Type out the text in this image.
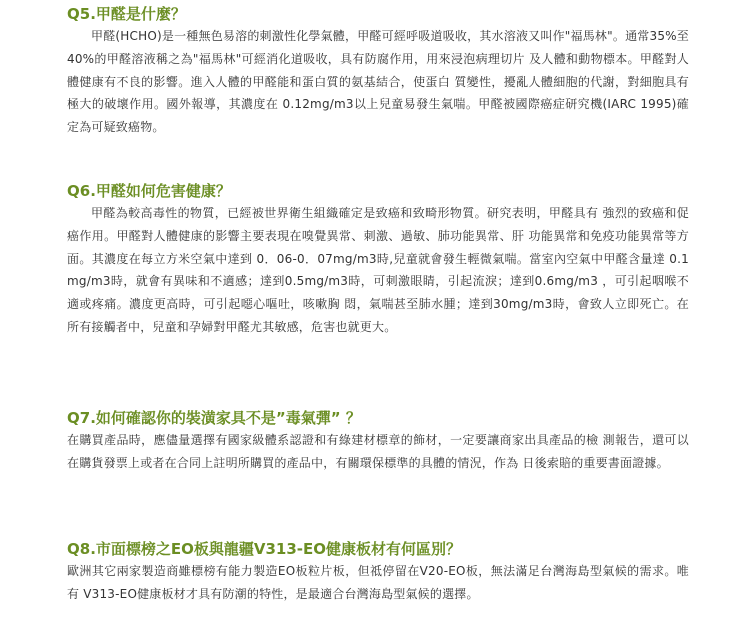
Q5.甲醛是什麼？

甲醛(HCHO)是一種無色易溶的刺激性化學氣體，甲醛可經呼吸道吸收，其水溶液又叫作"福馬林"。通常35%至40%的甲醛溶液稱之為"福馬林"可經消化道吸收，具有防腐作用，用來浸泡病理切片 及人體和動物標本。甲醛對人體健康有不良的影響。進入人體的甲醛能和蛋白質的氨基結合，使蛋白 質變性，擾亂人體細胞的代謝，對細胞具有極大的破壞作用。國外報導，其濃度在 0.12mg/m3以上兒童易發生氣喘。甲醛被國際癌症研究機(IARC 1995)確定為可疑致癌物。

Q6.甲醛如何危害健康？

甲醛為較高毒性的物質，已經被世界衛生組織確定是致癌和致畸形物質。研究表明，甲醛具有 強烈的致癌和促癌作用。甲醛對人體健康的影響主要表現在嗅覺異常、刺激、過敏、肺功能異常、肝 功能異常和免疫功能異常等方面。其濃度在每立方米空氣中達到 0．06-0．07mg/m3時,兒童就會發生輕微氣喘。當室內空氣中甲醛含量達 0.1mg/m3時，就會有異味和不適感；達到0.5mg/m3時，可刺激眼睛，引起流淚；達到0.6mg/m3 ，可引起咽喉不適或疼痛。濃度更高時，可引起噁心嘔吐，咳嗽胸 悶，氣喘甚至肺水腫；達到30mg/m3時，會致人立即死亡。在所有接觸者中，兒童和孕婦對甲醛尤其敏感，危害也就更大。

Q7.如何確認你的裝潢家具不是”毒氣彈” ？

在購買產品時，應儘量選擇有國家級體系認證和有綠建材標章的飾材，一定要讓商家出具產品的檢 測報告，還可以在購貨發票上或者在合同上註明所購買的產品中，有關環保標準的具體的情況，作為 日後索賠的重要書面證據。

Q8.市面標榜之EO板與龍疆V313-EO健康板材有何區別？

歐洲其它兩家製造商雖標榜有能力製造EO板粒片板，但祗停留在V20-EO板，無法滿足台灣海島型氣候的需求。唯有 V313-EO健康板材才具有防潮的特性，是最適合台灣海島型氣候的選擇。
